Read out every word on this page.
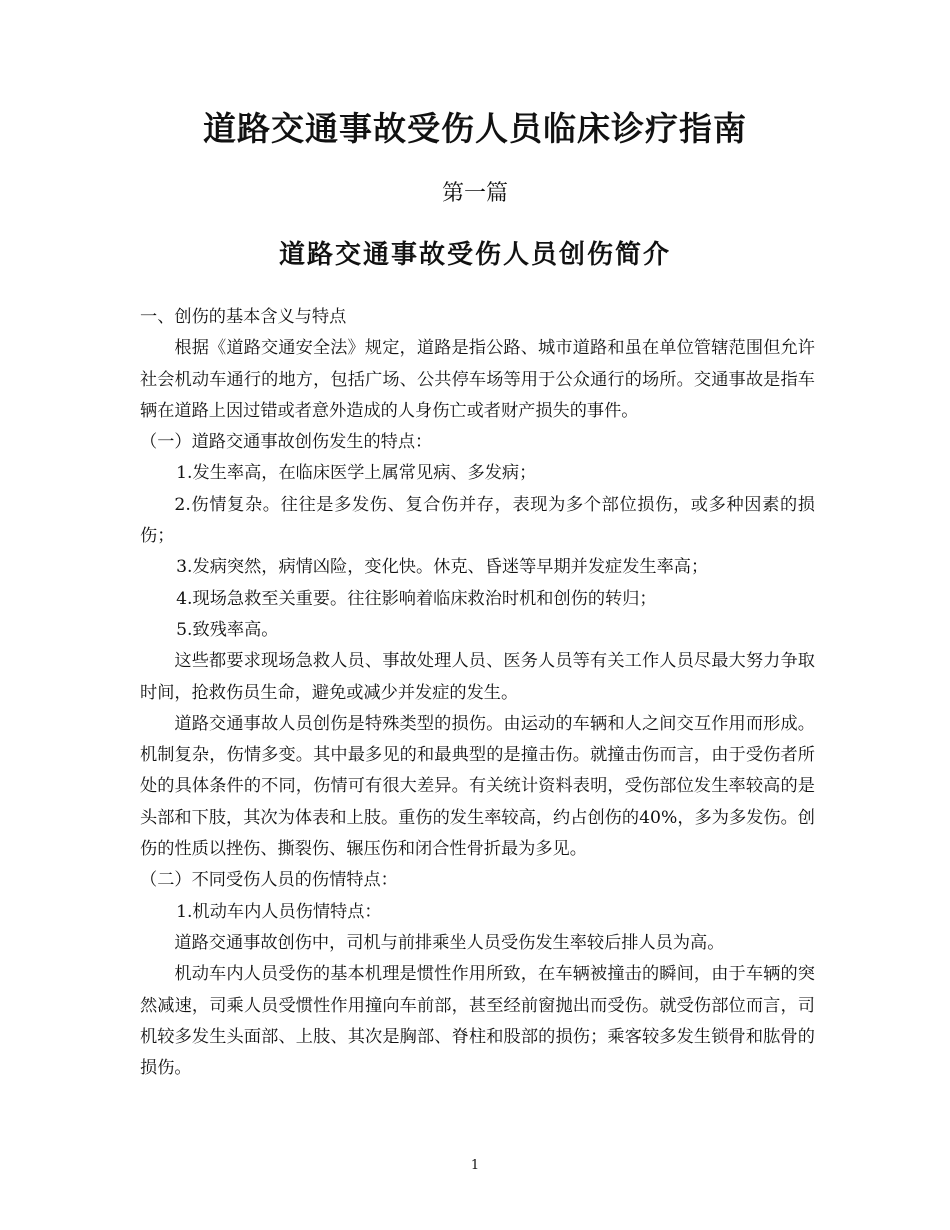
道路交通事故受伤人员临床诊疗指南
第一篇
道路交通事故受伤人员创伤简介

一、创伤的基本含义与特点

根据《道路交通安全法》规定，道路是指公路、城市道路和虽在单位管辖范围但允许社会机动车通行的地方，包括广场、公共停车场等用于公众通行的场所。交通事故是指车辆在道路上因过错或者意外造成的人身伤亡或者财产损失的事件。

（一）道路交通事故创伤发生的特点：

1.发生率高，在临床医学上属常见病、多发病；

2.伤情复杂。往往是多发伤、复合伤并存，表现为多个部位损伤，或多种因素的损伤；

3.发病突然，病情凶险，变化快。休克、昏迷等早期并发症发生率高；

4.现场急救至关重要。往往影响着临床救治时机和创伤的转归；

5.致残率高。

这些都要求现场急救人员、事故处理人员、医务人员等有关工作人员尽最大努力争取时间，抢救伤员生命，避免或减少并发症的发生。

道路交通事故人员创伤是特殊类型的损伤。由运动的车辆和人之间交互作用而形成。机制复杂，伤情多变。其中最多见的和最典型的是撞击伤。就撞击伤而言，由于受伤者所处的具体条件的不同，伤情可有很大差异。有关统计资料表明，受伤部位发生率较高的是头部和下肢，其次为体表和上肢。重伤的发生率较高，约占创伤的40%，多为多发伤。创伤的性质以挫伤、撕裂伤、辗压伤和闭合性骨折最为多见。

（二）不同受伤人员的伤情特点：

1.机动车内人员伤情特点：

道路交通事故创伤中，司机与前排乘坐人员受伤发生率较后排人员为高。

机动车内人员受伤的基本机理是惯性作用所致，在车辆被撞击的瞬间，由于车辆的突然减速，司乘人员受惯性作用撞向车前部，甚至经前窗抛出而受伤。就受伤部位而言，司机较多发生头面部、上肢、其次是胸部、脊柱和股部的损伤；乘客较多发生锁骨和肱骨的损伤。

1
